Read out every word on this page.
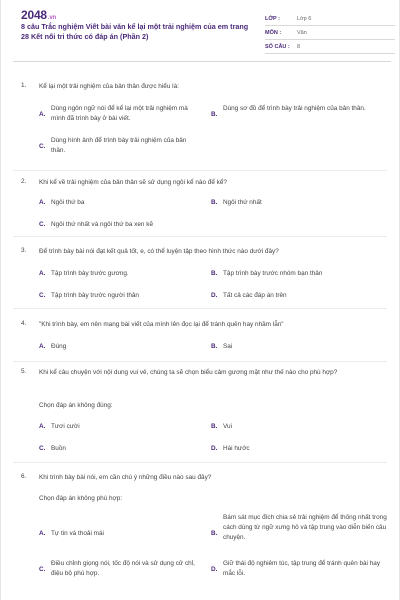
2048.vn
8 câu Trắc nghiệm Viết bài văn kể lại một trải nghiệm của em trang 28 Kết nối tri thức có đáp án (Phần 2)
LỚP :	Lớp 6
MÔN :	Văn
SỐ CÂU :	8
1. Kể lại một trải nghiệm của bản thân được hiểu là:
A.
Dùng ngôn ngữ nói để kể lại một trải nghiệm mà mình đã trình bày ở bài viết.
B.
Dùng sơ đồ để trình bày trải nghiệm của bản thân.
C.
Dùng hình ảnh để trình bày trải nghiệm của bản thân.
2. Khi kể về trải nghiệm của bản thân sẽ sử dụng ngôi kể nào để kể?
A. Ngôi thứ ba	B. Ngôi thứ nhất
C. Ngôi thứ nhất và ngôi thứ ba xen kẽ
3. Để trình bày bài nói đạt kết quả tốt, e, có thể luyện tập theo hình thức nào dưới đây?
A. Tập trình bày trước gương.	B. Tập trình bày trước nhóm bạn thân
C. Tập trình bày trước người thân	D. Tất cả các đáp án trên
4. "Khi trình bày, em nên mang bài viết của mình lên đọc lại để tránh quên hay nhầm lẫn"
A. Đúng	B. Sai
5. Khi kể câu chuyện với nội dung vui vẻ, chúng ta sẽ chọn biểu cảm gương mặt như thế nào cho phù hợp?
Chọn đáp án không đúng:
A. Tươi cười	B. Vui
C. Buồn	D. Hài hước
6. Khi trình bày bài nói, em cần chú ý những điều nào sau đây?
Chọn đáp án không phù hợp:
A. Tự tin và thoải mái	B.
Bám sát mục đích chia sẻ trải nghiệm để thống nhất trong cách dùng từ ngữ xưng hô và tập trung vào diễn biến câu chuyện.
C.
Điều chỉnh giọng nói, tốc độ nói và sử dụng cử chỉ, điệu bộ phù hợp.
D.
Giữ thái độ nghiêm túc, tập trung để tránh quên bài hay mắc lỗi.
